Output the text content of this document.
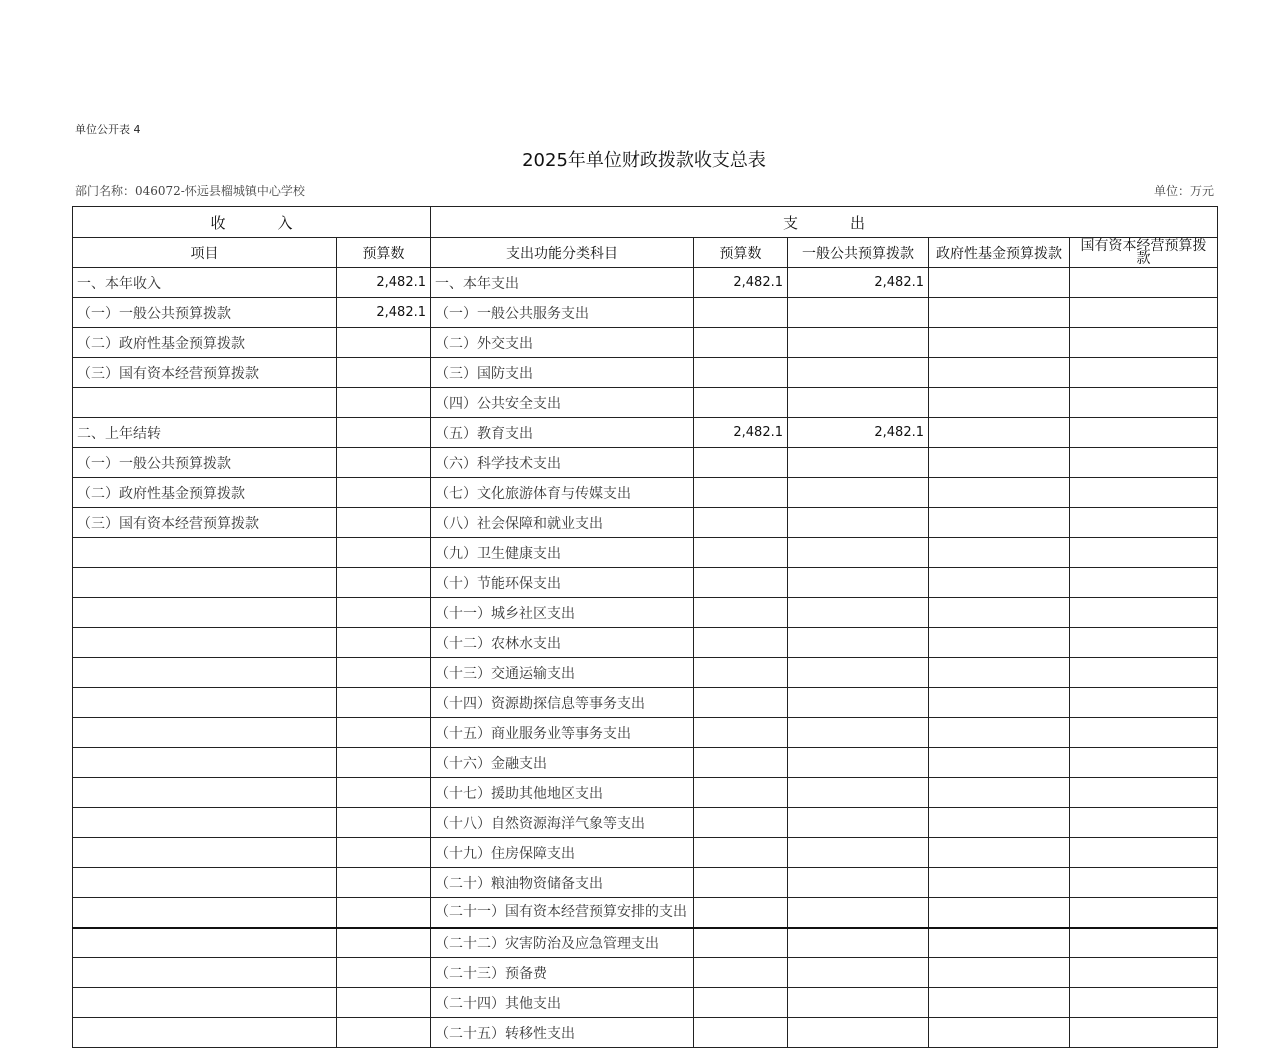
单位公开表 4
2025年单位财政拨款收支总表
部门名称：046072-怀远县榴城镇中心学校	单位：万元
收 入		支 出				
项目	预算数	支出功能分类科目	预算数	一般公共预算拨款	政府性基金预算拨款	国有资本经营预算拨款
一、本年收入	2,482.1	一、本年支出	2,482.1	2,482.1		
（一）一般公共预算拨款	2,482.1	（一）一般公共服务支出				
（二）政府性基金预算拨款		（二）外交支出				
（三）国有资本经营预算拨款		（三）国防支出				
		（四）公共安全支出				
二、上年结转		（五）教育支出	2,482.1	2,482.1		
（一）一般公共预算拨款		（六）科学技术支出				
（二）政府性基金预算拨款		（七）文化旅游体育与传媒支出				
（三）国有资本经营预算拨款		（八）社会保障和就业支出				
		（九）卫生健康支出				
		（十）节能环保支出				
		（十一）城乡社区支出				
		（十二）农林水支出				
		（十三）交通运输支出				
		（十四）资源勘探信息等事务支出				
		（十五）商业服务业等事务支出				
		（十六）金融支出				
		（十七）援助其他地区支出				
		（十八）自然资源海洋气象等支出				
		（十九）住房保障支出				
		（二十）粮油物资储备支出				
		（二十一）国有资本经营预算安排的支出				
		（二十二）灾害防治及应急管理支出				
		（二十三）预备费				
		（二十四）其他支出				
		（二十五）转移性支出				
